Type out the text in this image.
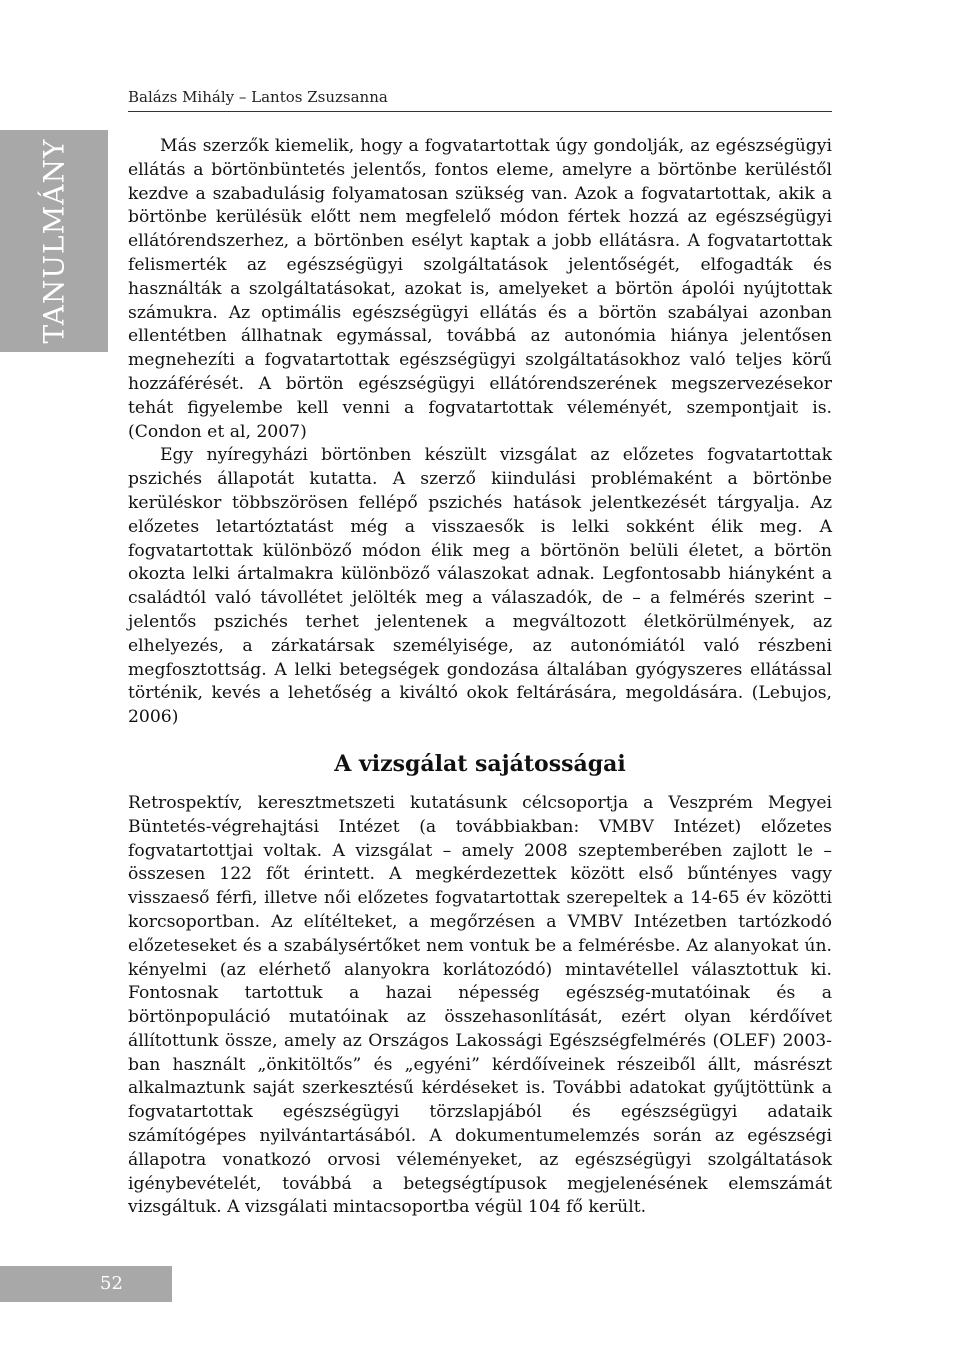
Balázs Mihály – Lantos Zsuzsanna
TANULMÁNY	Más szerzők kiemelik, hogy a fogvatartottak úgy gondolják, az egészségügyi ellátás a börtönbüntetés jelentős, fontos eleme, amelyre a börtönbe kerüléstől kezdve a szabadulásig folyamatosan szükség van. Azok a fogvatartottak, akik a börtönbe kerülésük előtt nem megfelelő módon fértek hozzá az egészségügyi ellátórendszerhez, a börtönben esélyt kaptak a jobb ellátásra. A fogvatartottak felismerték az egészségügyi szolgáltatások jelentőségét, elfogadták és használták a szolgáltatásokat, azokat is, amelyeket a börtön ápolói nyújtottak számukra. Az optimális egészségügyi ellátás és a börtön szabályai azonban ellentétben állhatnak egymással, továbbá az autonómia hiánya jelentősen megnehezíti a fogvatartottak egészségügyi szolgáltatásokhoz való teljes körű hozzáférését. A börtön egészségügyi ellátórendszerének megszervezésekor tehát figyelembe kell venni a fogvatartottak véleményét, szempontjait is. (Condon et al, 2007)

Egy nyíregyházi börtönben készült vizsgálat az előzetes fogvatartottak pszichés állapotát kutatta. A szerző kiindulási problémaként a börtönbe kerüléskor többszörösen fellépő pszichés hatások jelentkezését tárgyalja. Az előzetes letartóztatást még a visszaesők is lelki sokként élik meg. A fogvatartottak különböző módon élik meg a börtönön belüli életet, a börtön okozta lelki ártalmakra különböző válaszokat adnak. Legfontosabb hiányként a családtól való távollétet jelölték meg a válaszadók, de – a felmérés szerint – jelentős pszichés terhet jelentenek a megváltozott életkörülmények, az elhelyezés, a zárkatársak személyisége, az autonómiától való részbeni megfosztottság. A lelki betegségek gondozása általában gyógyszeres ellátással történik, kevés a lehetőség a kiváltó okok feltárására, megoldására. (Lebujos, 2006)

A vizsgálat sajátosságai

Retrospektív, keresztmetszeti kutatásunk célcsoportja a Veszprém Megyei Büntetés-végrehajtási Intézet (a továbbiakban: VMBV Intézet) előzetes fogvatartottjai voltak. A vizsgálat – amely 2008 szeptemberében zajlott le – összesen 122 főt érintett. A megkérdezettek között első bűntényes vagy visszaeső férfi, illetve női előzetes fogvatartottak szerepeltek a 14-65 év közötti korcsoportban. Az elítélteket, a megőrzésen a VMBV Intézetben tartózkodó előzeteseket és a szabálysértőket nem vontuk be a felmérésbe. Az alanyokat ún. kényelmi (az elérhető alanyokra korlátozódó) mintavétellel választottuk ki. Fontosnak tartottuk a hazai népesség egészség-mutatóinak és a börtönpopuláció mutatóinak az összehasonlítását, ezért olyan kérdőívet állítottunk össze, amely az Országos Lakossági Egészségfelmérés (OLEF) 2003-ban használt „önkitöltős” és „egyéni” kérdőíveinek részeiből állt, másrészt alkalmaztunk saját szerkesztésű kérdéseket is. További adatokat gyűjtöttünk a fogvatartottak egészségügyi törzslapjából és egészségügyi adataik számítógépes nyilvántartásából. A dokumentumelemzés során az egészségi állapotra vonatkozó orvosi véleményeket, az egészségügyi szolgáltatások igénybevételét, továbbá a betegségtípusok megjelenésének elemszámát vizsgáltuk. A vizsgálati mintacsoportba végül 104 fő került.

52
